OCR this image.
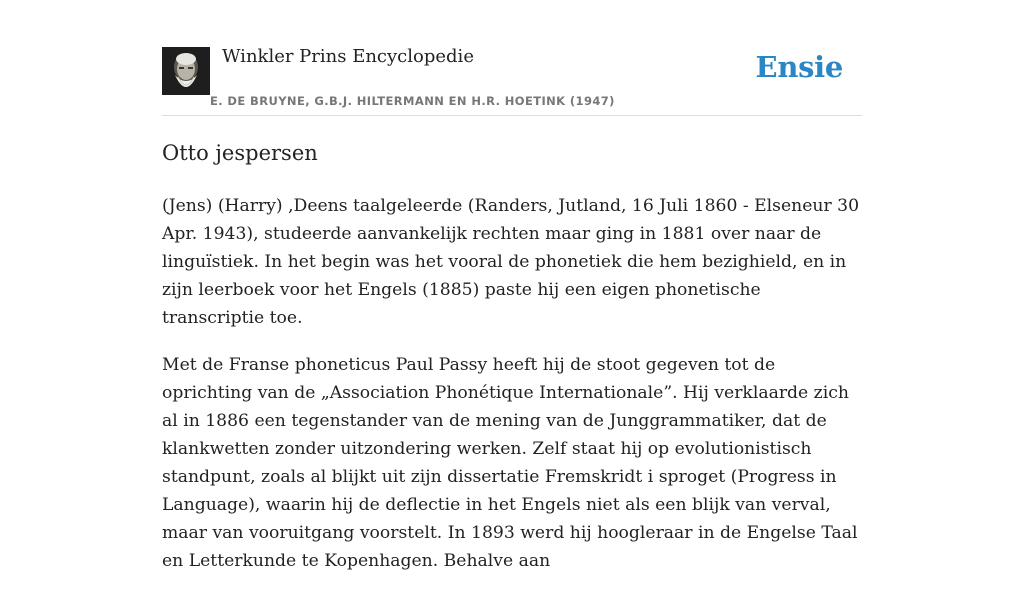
Winkler Prins Encyclopedie
E. DE BRUYNE, G.B.J. HILTERMANN EN H.R. HOETINK (1947)
Ensie
Otto jespersen

(Jens) (Harry) ,Deens taalgeleerde (Randers, Jutland, 16 Juli 1860 - Elseneur 30 Apr. 1943), studeerde aanvankelijk rechten maar ging in 1881 over naar de linguïstiek. In het begin was het vooral de phonetiek die hem bezighield, en in zijn leerboek voor het Engels (1885) paste hij een eigen phonetische transcriptie toe.

Met de Franse phoneticus Paul Passy heeft hij de stoot gegeven tot de oprichting van de „Association Phonétique Internationale”. Hij verklaarde zich al in 1886 een tegenstander van de mening van de Junggrammatiker, dat de klankwetten zonder uitzondering werken. Zelf staat hij op evolutionistisch standpunt, zoals al blijkt uit zijn dissertatie Fremskridt i sproget (Progress in Language), waarin hij de deflectie in het Engels niet als een blijk van verval, maar van vooruitgang voorstelt. In 1893 werd hij hoogleraar in de Engelse Taal en Letterkunde te Kopenhagen. Behalve aan
